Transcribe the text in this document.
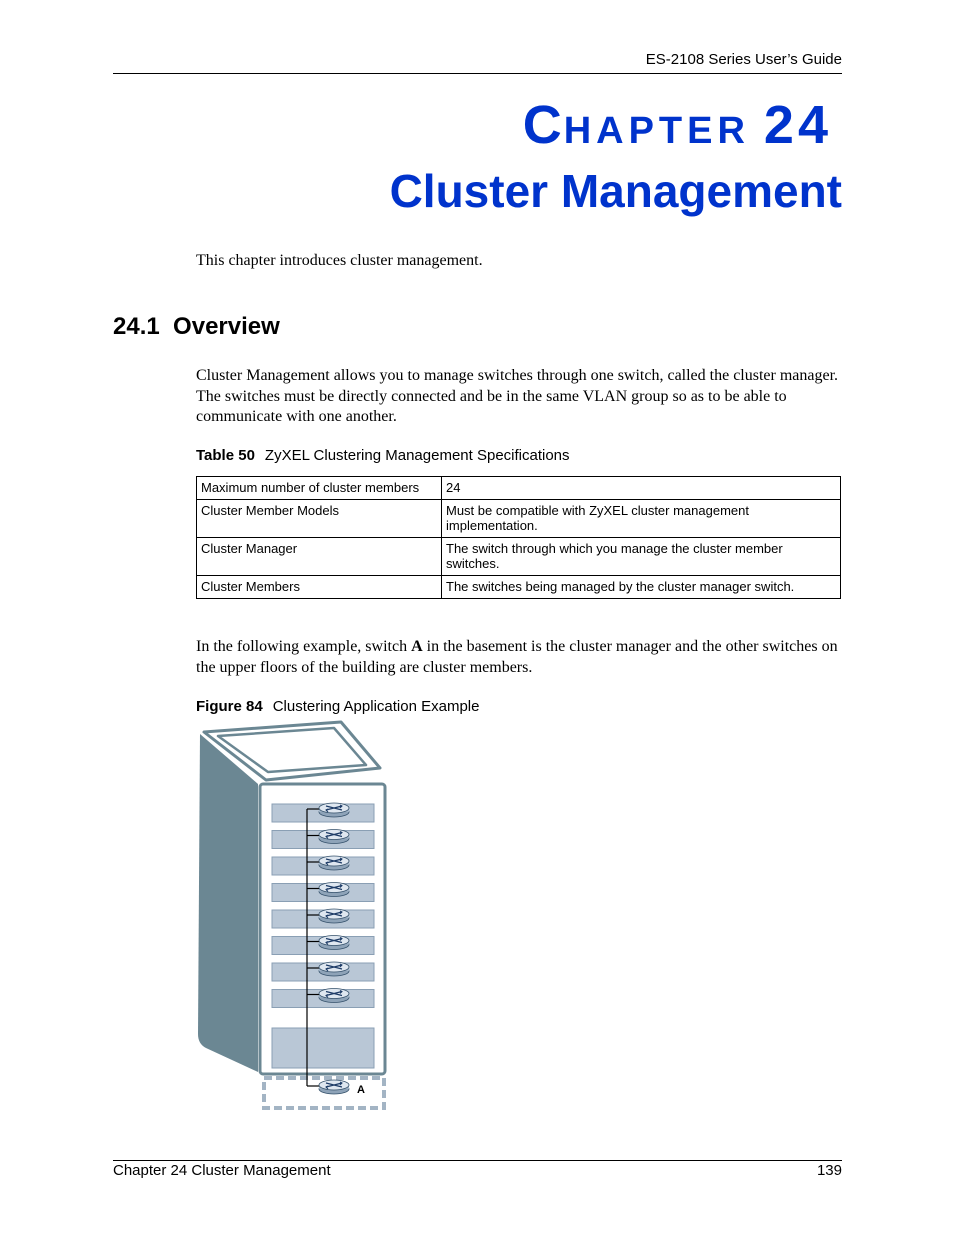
ES-2108 Series User’s Guide
CHAPTER 24
Cluster Management
This chapter introduces cluster management.
24.1  Overview
Cluster Management allows you to manage switches through one switch, called the cluster manager. The switches must be directly connected and be in the same VLAN group so as to be able to communicate with one another.
Table 50 ZyXEL Clustering Management Specifications
Maximum number of cluster members	24
Cluster Member Models	Must be compatible with ZyXEL cluster management implementation.
Cluster Manager	The switch through which you manage the cluster member switches.
Cluster Members	The switches being managed by the cluster manager switch.
In the following example, switch A in the basement is the cluster manager and the other switches on the upper floors of the building are cluster members.
Figure 84 Clustering Application Example
A
Chapter 24 Cluster Management	139
